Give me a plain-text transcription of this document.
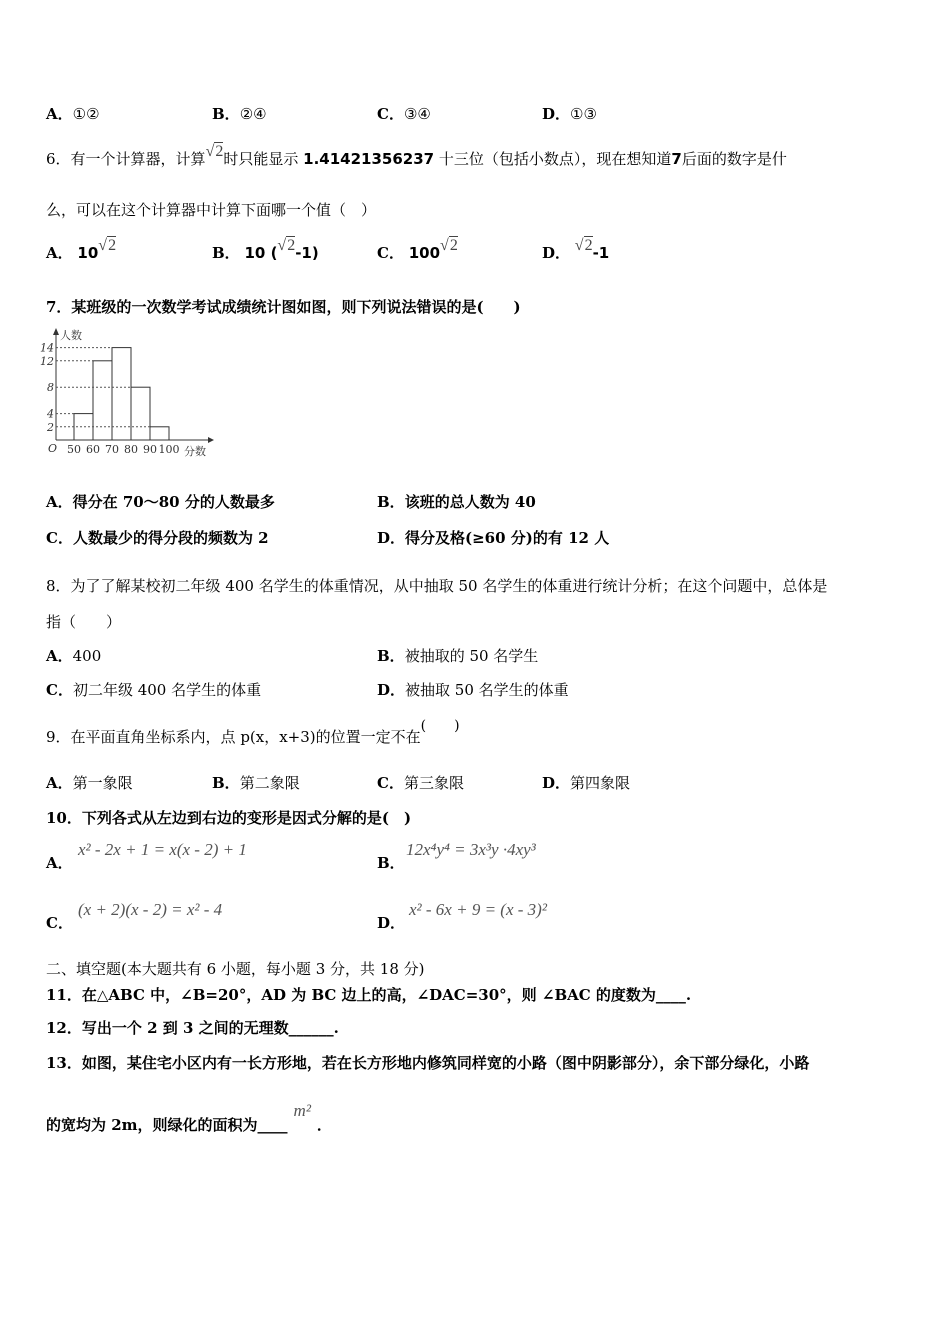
A．①②	B．②④	C．③④	D．①③
6．有一个计算器，计算√2时只能显示 1.41421356237 十三位（包括小数点），现在想知道7后面的数字是什
么，可以在这个计算器中计算下面哪一个值（　）
A． 10√2	B． 10 (√2-1)	C． 100√2	D． √2-1
7．某班级的一次数学考试成绩统计图如图，则下列说法错误的是(　　)
2
4
8
12
14
50 60 70 80 90 100
人数
分数
O
A．得分在 70～80 分的人数最多	B．该班的总人数为 40
C．人数最少的得分段的频数为 2	D．得分及格(≥60 分)的有 12 人
8．为了了解某校初二年级 400 名学生的体重情况，从中抽取 50 名学生的体重进行统计分析；在这个问题中，总体是
指（　　）
A．400	B．被抽取的 50 名学生
C．初二年级 400 名学生的体重	D．被抽取 50 名学生的体重
9．在平面直角坐标系内，点 p(x，x+3)的位置一定不在(　　)
A．第一象限	B．第二象限	C．第三象限	D．第四象限
10．下列各式从左边到右边的变形是因式分解的是(　)
A．
x² - 2x + 1 = x(x - 2) + 1
B．
12x⁴y⁴ = 3x³y ·4xy³
C．
(x + 2)(x - 2) = x² - 4
D．
x² - 6x + 9 = (x - 3)²
二、填空题(本大题共有 6 小题，每小题 3 分，共 18 分)
11．在△ABC 中，∠B=20°，AD 为 BC 边上的高，∠DAC=30°，则 ∠BAC 的度数为____.
12．写出一个 2 到 3 之间的无理数______.
13．如图，某住宅小区内有一长方形地，若在长方形地内修筑同样宽的小路（图中阴影部分），余下部分绿化，小路
的宽均为 2m，则绿化的面积为____m²．
